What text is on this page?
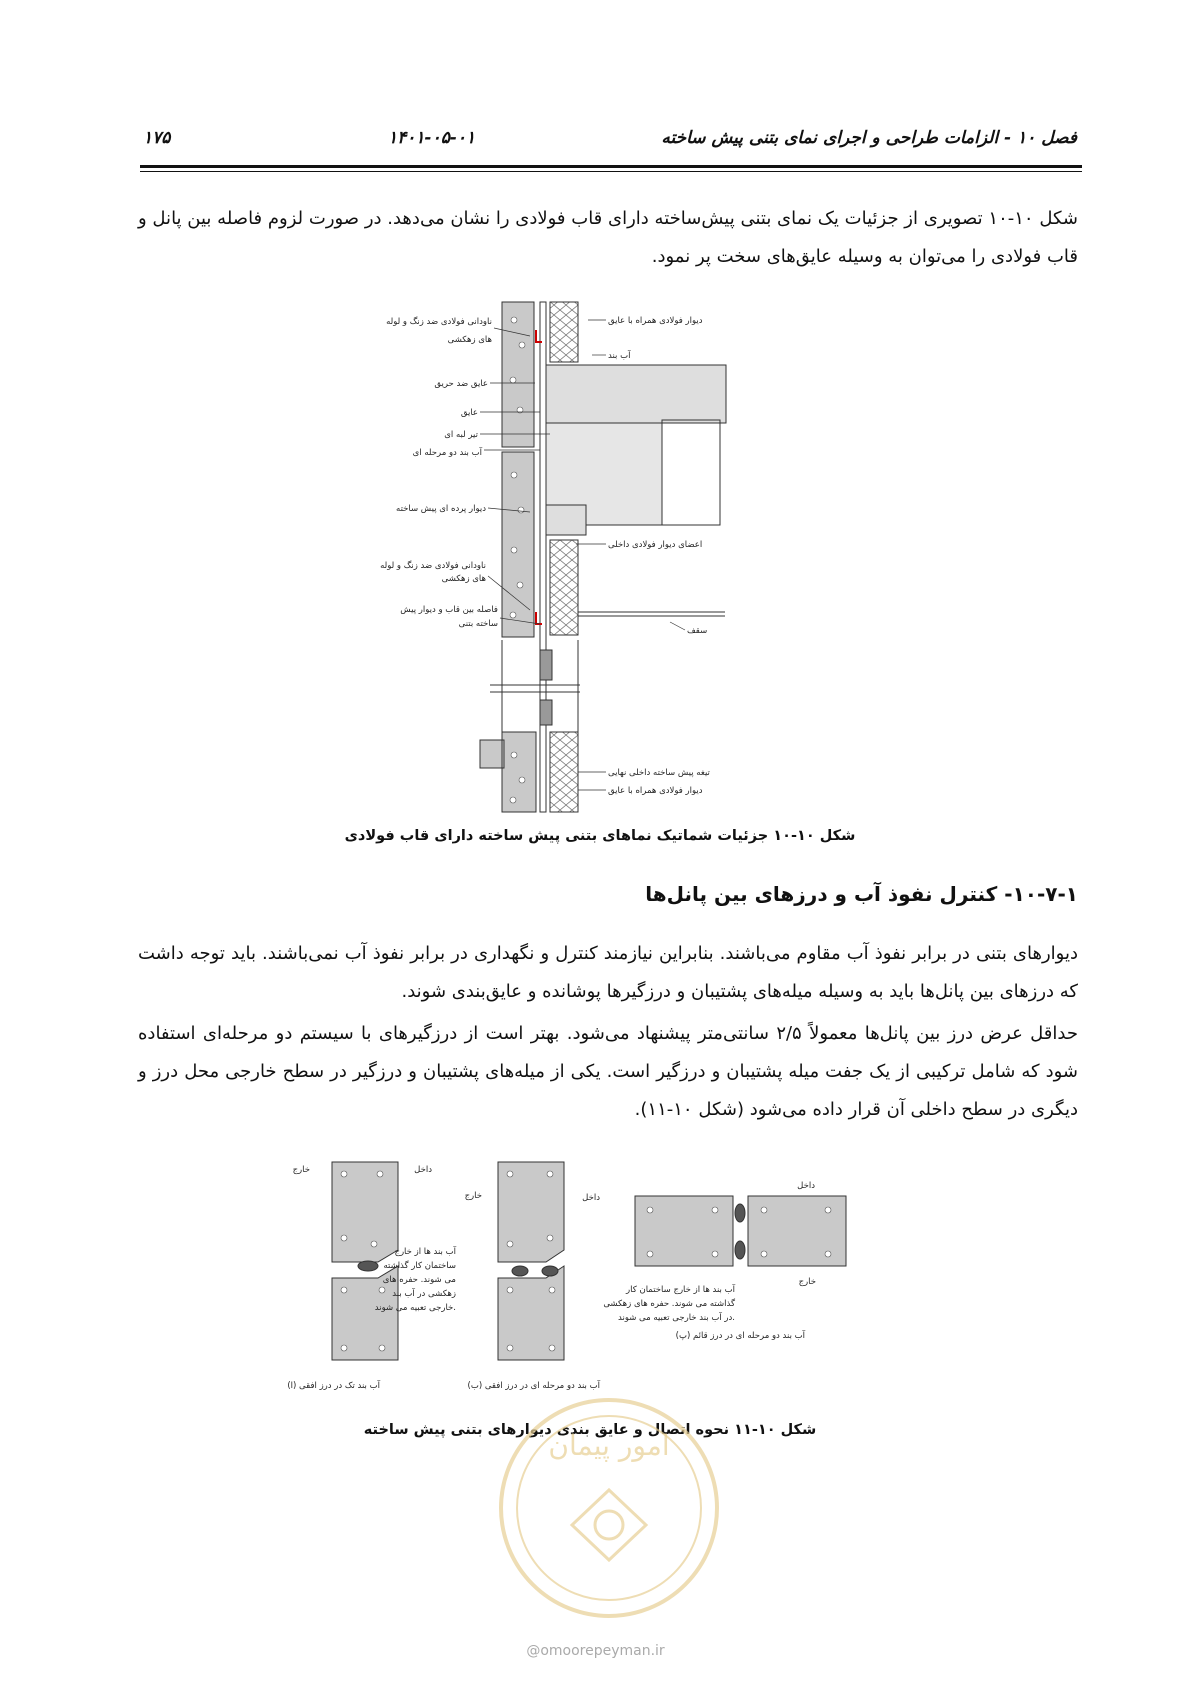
۱۷۵	۱۴۰۱-۰۵-۰۱	فصل ۱۰ - الزامات طراحی و اجرای نمای بتنی پیش ساخته
شکل ۱۰-۱۰ تصویری از جزئیات یک نمای بتنی پیش‌ساخته دارای قاب فولادی را نشان می‌دهد. در صورت لزوم فاصله بین پانل و قاب فولادی را می‌توان به وسیله عایق‌های سخت پر نمود.
ناودانی فولادی ضد زنگ و لوله
های زهکشی
عایق ضد حریق
عایق
تیر لبه ای
آب بند دو مرحله ای
دیوار پرده ای پیش ساخته
ناودانی فولادی ضد زنگ و لوله
های زهکشی
فاصله بین قاب و دیوار پیش
ساخته بتنی
دیوار فولادی همراه با عایق
آب بند
اعضای دیوار فولادی داخلی
سقف
تیغه پیش ساخته داخلی نهایی
دیوار فولادی همراه با عایق
شکل ۱۰-۱۰ جزئیات شماتیک نماهای بتنی پیش ساخته دارای قاب فولادی
۱۰-۷-۱- کنترل نفوذ آب و درزهای بین پانل‌ها
دیوارهای بتنی در برابر نفوذ آب مقاوم می‌باشند. بنابراین نیازمند کنترل و نگهداری در برابر نفوذ آب نمی‌باشند. باید توجه داشت که درزهای بین پانل‌ها باید به وسیله میله‌های پشتیبان و درزگیرها پوشانده و عایق‌بندی شوند.
حداقل عرض درز بین پانل‌ها معمولاً ۲/۵ سانتی‌متر پیشنهاد می‌شود. بهتر است از درزگیرهای با سیستم دو مرحله‌ای استفاده شود که شامل ترکیبی از یک جفت میله پشتیبان و درزگیر است. یکی از میله‌های پشتیبان و درزگیر در سطح خارجی محل درز و دیگری در سطح داخلی آن قرار داده می‌شود (شکل ۱۰-۱۱).
خارج	داخل
خارج	داخل
داخل
خارج
آب بند ها از خارج
ساختمان کار گذاشته
می شوند. حفره های
زهکشی در آب بند
خارجی تعبیه می شوند.
آب بند ها از خارج ساختمان کار
گذاشته می شوند. حفره های زهکشی
در آب بند خارجی تعبیه می شوند.
آب بند دو مرحله ای در درز قائم (پ)
آب بند تک در درز افقی (ا)	آب بند دو مرحله ای در درز افقی (ب)
شکل ۱۰-۱۱ نحوه اتصال و عایق بندی دیوارهای بتنی پیش ساخته
امور پیمان
@omoorepeyman.ir
